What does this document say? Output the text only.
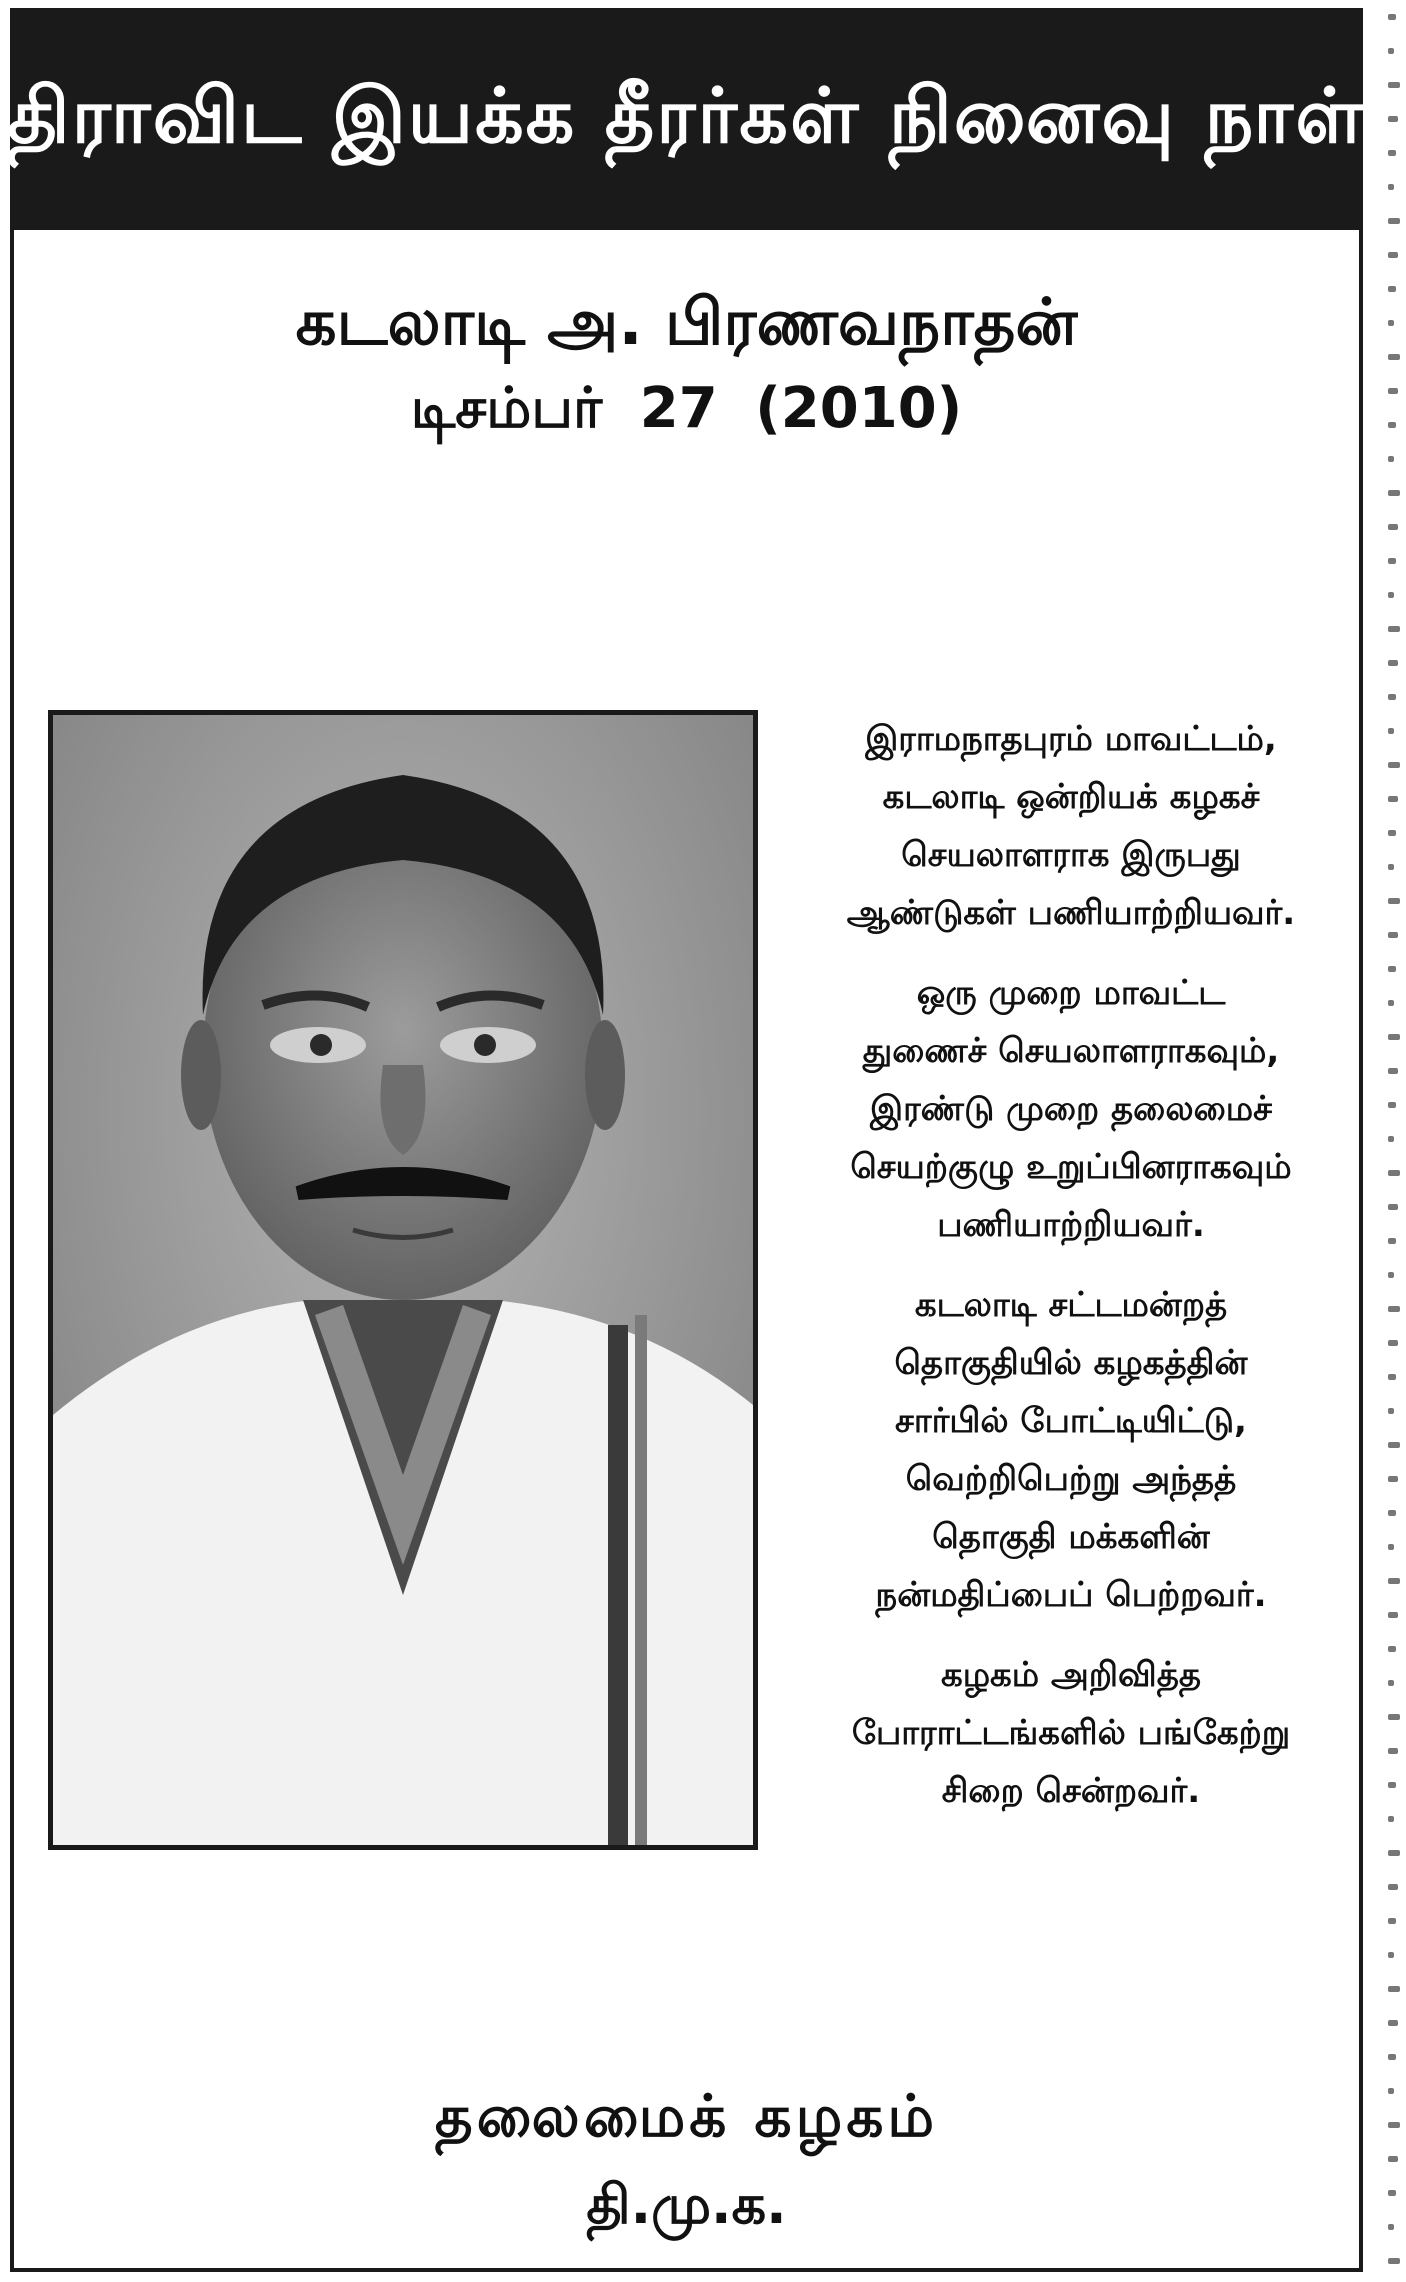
திராவிட இயக்க தீரர்கள் நினைவு நாள்
கடலாடி அ. பிரணவநாதன்
டிசம்பர் 27 (2010)
இராமநாதபுரம் மாவட்டம்,
கடலாடி ஒன்றியக் கழகச்
செயலாளராக இருபது
ஆண்டுகள் பணியாற்றியவர்.
ஒரு முறை மாவட்ட
துணைச் செயலாளராகவும்,
இரண்டு முறை தலைமைச்
செயற்குழு உறுப்பினராகவும்
பணியாற்றியவர்.
கடலாடி சட்டமன்றத்
தொகுதியில் கழகத்தின்
சார்பில் போட்டியிட்டு,
வெற்றிபெற்று அந்தத்
தொகுதி மக்களின்
நன்மதிப்பைப் பெற்றவர்.
கழகம் அறிவித்த
போராட்டங்களில் பங்கேற்று
சிறை சென்றவர்.
தலைமைக் கழகம்
தி.மு.க.
